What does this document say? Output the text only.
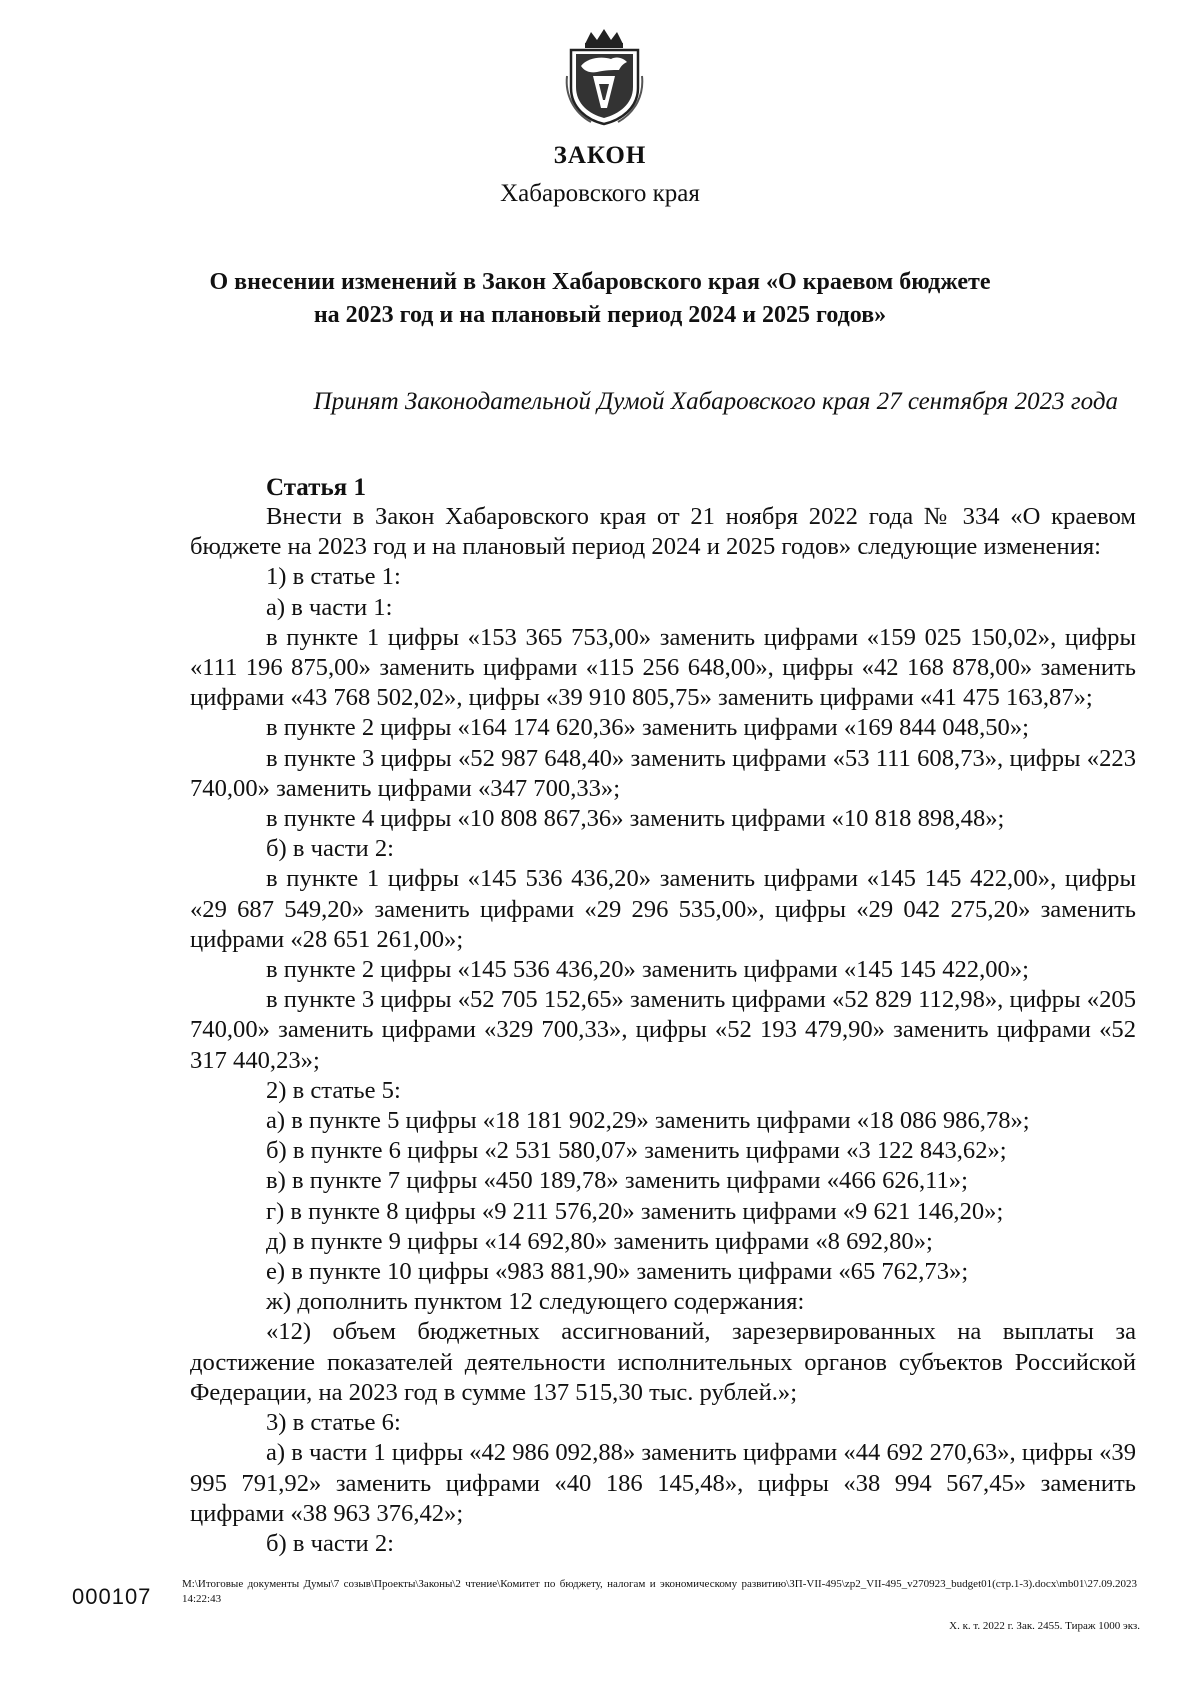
ЗАКОН
Хабаровского края
О внесении изменений в Закон Хабаровского края «О краевом бюджете
на 2023 год и на плановый период 2024 и 2025 годов»
Принят Законодательной Думой Хабаровского края 27 сентября 2023 года
Статья 1

Внести в Закон Хабаровского края от 21 ноября 2022 года № 334 «О краевом бюджете на 2023 год и на плановый период 2024 и 2025 годов» следующие изменения:

1) в статье 1:

а) в части 1:

в пункте 1 цифры «153 365 753,00» заменить цифрами «159 025 150,02», цифры «111 196 875,00» заменить цифрами «115 256 648,00», цифры «42 168 878,00» заменить цифрами «43 768 502,02», цифры «39 910 805,75» заменить цифрами «41 475 163,87»;

в пункте 2 цифры «164 174 620,36» заменить цифрами «169 844 048,50»;

в пункте 3 цифры «52 987 648,40» заменить цифрами «53 111 608,73», цифры «223 740,00» заменить цифрами «347 700,33»;

в пункте 4 цифры «10 808 867,36» заменить цифрами «10 818 898,48»;

б) в части 2:

в пункте 1 цифры «145 536 436,20» заменить цифрами «145 145 422,00», цифры «29 687 549,20» заменить цифрами «29 296 535,00», цифры «29 042 275,20» заменить цифрами «28 651 261,00»;

в пункте 2 цифры «145 536 436,20» заменить цифрами «145 145 422,00»;

в пункте 3 цифры «52 705 152,65» заменить цифрами «52 829 112,98», цифры «205 740,00» заменить цифрами «329 700,33», цифры «52 193 479,90» заменить цифрами «52 317 440,23»;

2) в статье 5:

а) в пункте 5 цифры «18 181 902,29» заменить цифрами «18 086 986,78»;

б) в пункте 6 цифры «2 531 580,07» заменить цифрами «3 122 843,62»;

в) в пункте 7 цифры «450 189,78» заменить цифрами «466 626,11»;

г) в пункте 8 цифры «9 211 576,20» заменить цифрами «9 621 146,20»;

д) в пункте 9 цифры «14 692,80» заменить цифрами «8 692,80»;

е) в пункте 10 цифры «983 881,90» заменить цифрами «65 762,73»;

ж) дополнить пунктом 12 следующего содержания:

«12) объем бюджетных ассигнований, зарезервированных на выплаты за достижение показателей деятельности исполнительных органов субъектов Российской Федерации, на 2023 год в сумме 137 515,30 тыс. рублей.»;

3) в статье 6:

а) в части 1 цифры «42 986 092,88» заменить цифрами «44 692 270,63», цифры «39 995 791,92» заменить цифрами «40 186 145,48», цифры «38 994 567,45» заменить цифрами «38 963 376,42»;

б) в части 2:

000107	M:\Итоговые документы Думы\7 созыв\Проекты\Законы\2 чтение\Комитет по бюджету, налогам и экономическому развитию\ЗП-VII-495\zp2_VII-495_v270923_budget01(стр.1-3).docx\mb01\27.09.2023 14:22:43
Х. к. т. 2022 г. Зак. 2455. Тираж 1000 экз.
